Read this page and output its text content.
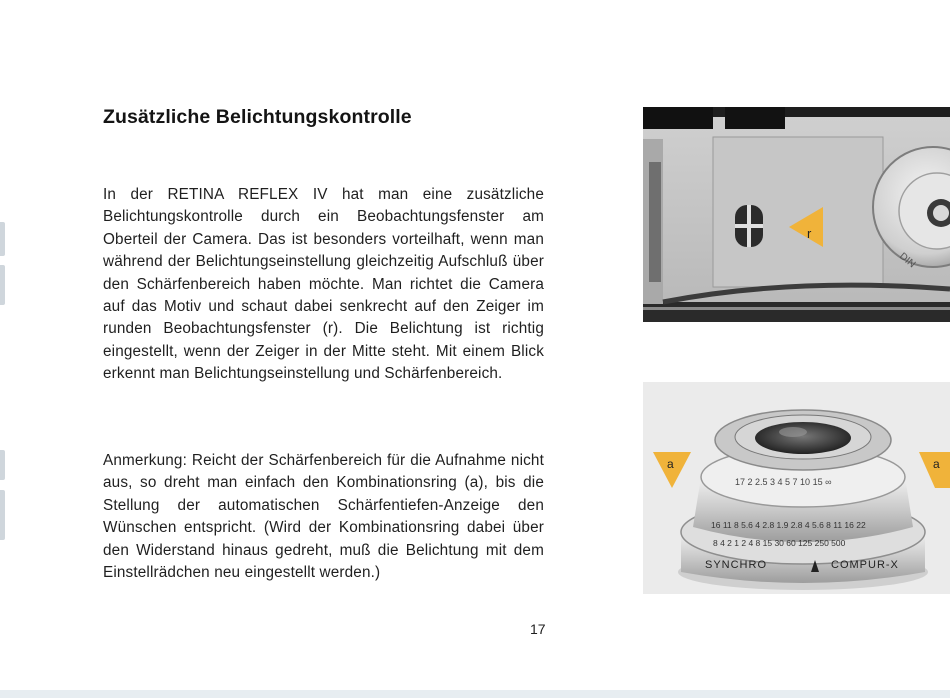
Zusätzliche Belichtungskontrolle

In der RETINA REFLEX IV hat man eine zusätzliche Belichtungskontrolle durch ein Beobachtungsfenster am Oberteil der Camera. Das ist besonders vorteilhaft, wenn man während der Belichtungseinstellung gleichzeitig Aufschluß über den Schärfenbereich haben möchte. Man richtet die Camera auf das Motiv und schaut dabei senkrecht auf den Zeiger im runden Beobachtungsfenster (r). Die Belichtung ist richtig eingestellt, wenn der Zeiger in der Mitte steht. Mit einem Blick erkennt man Belichtungseinstellung und Schärfenbereich.

Anmerkung: Reicht der Schärfenbereich für die Aufnahme nicht aus, so dreht man einfach den Kombinationsring (a), bis die Stellung der automatischen Schärfentiefen-Anzeige den Wünschen entspricht. (Wird der Kombinationsring dabei über den Widerstand hinaus gedreht, muß die Belichtung mit dem Einstellrädchen neu eingestellt werden.)

17
DIN
r
17 2 2.5 3 4 5 7 10 15 ∞
16 11 8 5.6 4 2.8 1.9 2.8 4 5.6 8 11 16 22
8 4 2 1 2 4 8 15 30 60 125 250 500
SYNCHRO	COMPUR-X
a	a
